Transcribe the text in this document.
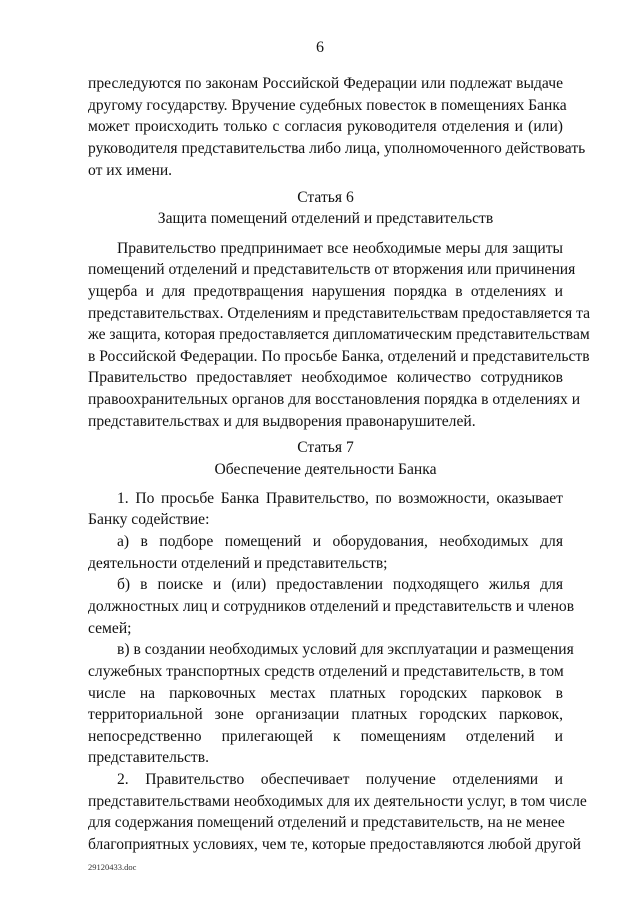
6
преследуются по законам Российской Федерации или подлежат выдаче
другому государству. Вручение судебных повесток в помещениях Банка
может происходить только с согласия руководителя отделения и (или)
руководителя представительства либо лица, уполномоченного действовать
от их имени.
Статья 6
Защита помещений отделений и представительств
Правительство предпринимает все необходимые меры для защиты
помещений отделений и представительств от вторжения или причинения
ущерба и для предотвращения нарушения порядка в отделениях и
представительствах. Отделениям и представительствам предоставляется та
же защита, которая предоставляется дипломатическим представительствам
в Российской Федерации. По просьбе Банка, отделений и представительств
Правительство предоставляет необходимое количество сотрудников
правоохранительных органов для восстановления порядка в отделениях и
представительствах и для выдворения правонарушителей.
Статья 7
Обеспечение деятельности Банка
1. По просьбе Банка Правительство, по возможности, оказывает
Банку содействие:
а) в подборе помещений и оборудования, необходимых для
деятельности отделений и представительств;
б) в поиске и (или) предоставлении подходящего жилья для
должностных лиц и сотрудников отделений и представительств и членов
семей;
в) в создании необходимых условий для эксплуатации и размещения
служебных транспортных средств отделений и представительств, в том
числе на парковочных местах платных городских парковок в
территориальной зоне организации платных городских парковок,
непосредственно прилегающей к помещениям отделений и
представительств.
2. Правительство обеспечивает получение отделениями и
представительствами необходимых для их деятельности услуг, в том числе
для содержания помещений отделений и представительств, на не менее
благоприятных условиях, чем те, которые предоставляются любой другой
29120433.doc
